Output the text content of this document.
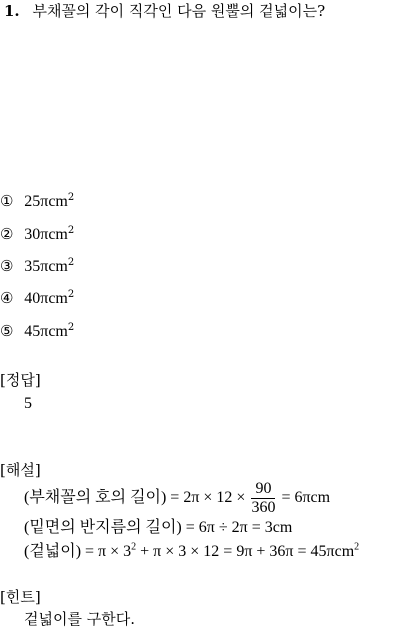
1. 부채꼴의 각이 직각인 다음 원뿔의 겉넓이는?
① 25πcm$^2$
② 30πcm$^2$
③ 35πcm$^2$
④ 40πcm$^2$
⑤ 45πcm$^2$
[정답]
5
[해설]
(부채꼴의 호의 길이) = $2\pi \times 12 \times \frac{90}{360} = 6\pi cm$
(밑면의 반지름의 길이) = 6π ÷ 2π = 3cm
(겉넓이) = $\pi \times 3^2 + \pi \times 3 \times 12 = 9\pi + 36\pi = 45\pi cm^2$
[힌트]
겉넓이를 구한다.
